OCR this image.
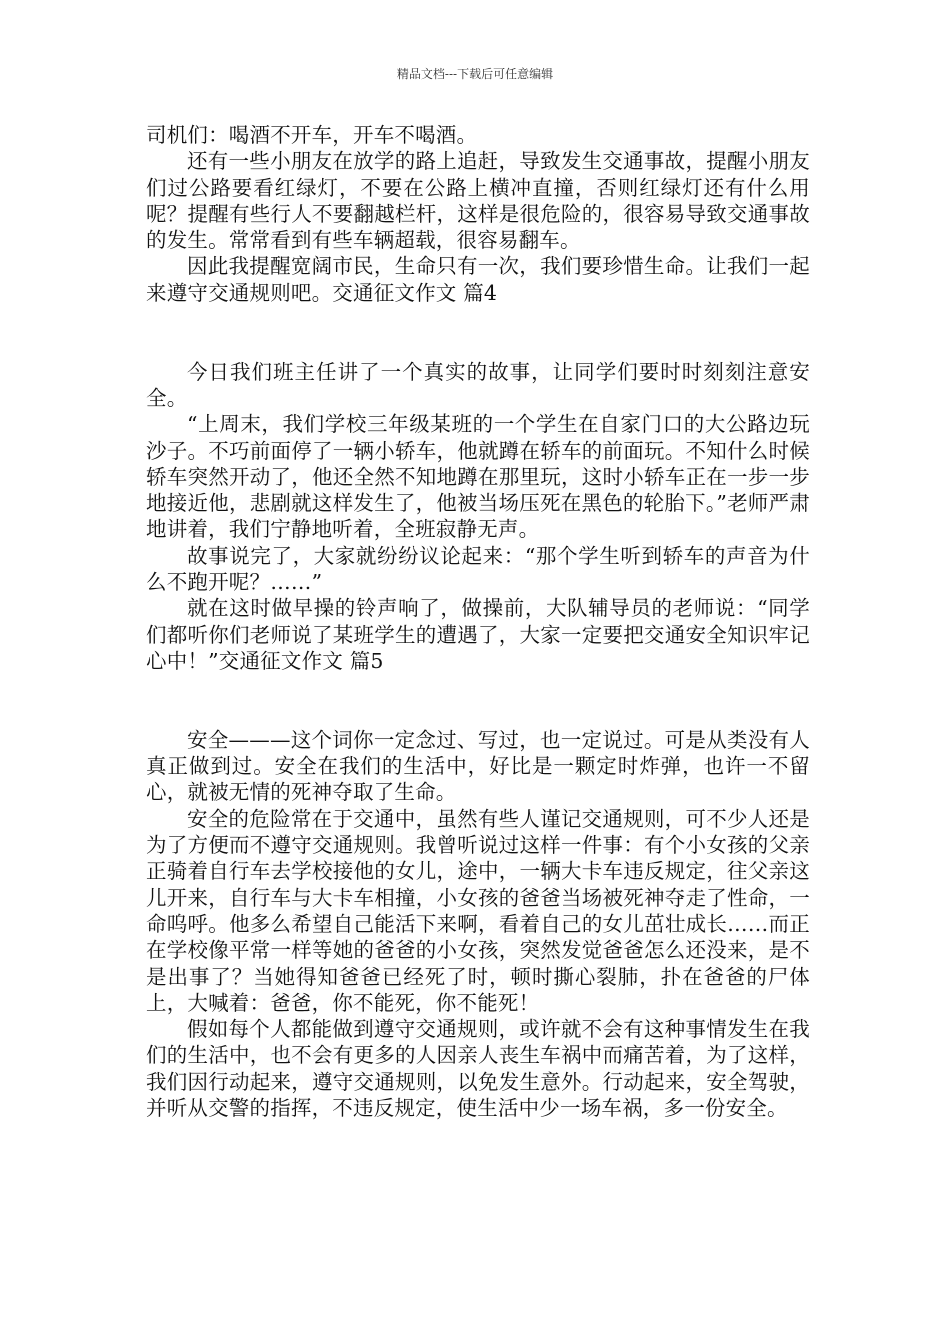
精品文档---下载后可任意编辑

司机们：喝酒不开车，开车不喝酒。

还有一些小朋友在放学的路上追赶，导致发生交通事故，提醒小朋友们过公路要看红绿灯，不要在公路上横冲直撞，否则红绿灯还有什么用呢？提醒有些行人不要翻越栏杆，这样是很危险的，很容易导致交通事故的发生。常常看到有些车辆超载，很容易翻车。

因此我提醒宽阔市民，生命只有一次，我们要珍惜生命。让我们一起来遵守交通规则吧。交通征文作文 篇4

今日我们班主任讲了一个真实的故事，让同学们要时时刻刻注意安全。

“上周末，我们学校三年级某班的一个学生在自家门口的大公路边玩沙子。不巧前面停了一辆小轿车，他就蹲在轿车的前面玩。不知什么时候轿车突然开动了，他还全然不知地蹲在那里玩，这时小轿车正在一步一步地接近他，悲剧就这样发生了，他被当场压死在黑色的轮胎下。”老师严肃地讲着，我们宁静地听着，全班寂静无声。

故事说完了，大家就纷纷议论起来：“那个学生听到轿车的声音为什么不跑开呢？……”

就在这时做早操的铃声响了，做操前，大队辅导员的老师说：“同学们都听你们老师说了某班学生的遭遇了，大家一定要把交通安全知识牢记心中！”交通征文作文 篇5

安全———这个词你一定念过、写过，也一定说过。可是从类没有人真正做到过。安全在我们的生活中，好比是一颗定时炸弹，也许一不留心，就被无情的死神夺取了生命。

安全的危险常在于交通中，虽然有些人谨记交通规则，可不少人还是为了方便而不遵守交通规则。我曾听说过这样一件事：有个小女孩的父亲正骑着自行车去学校接他的女儿，途中，一辆大卡车违反规定，往父亲这儿开来，自行车与大卡车相撞，小女孩的爸爸当场被死神夺走了性命，一命呜呼。他多么希望自己能活下来啊，看着自己的女儿茁壮成长……而正在学校像平常一样等她的爸爸的小女孩，突然发觉爸爸怎么还没来，是不是出事了？当她得知爸爸已经死了时，顿时撕心裂肺，扑在爸爸的尸体上，大喊着：爸爸，你不能死，你不能死！

假如每个人都能做到遵守交通规则，或许就不会有这种事情发生在我们的生活中，也不会有更多的人因亲人丧生车祸中而痛苦着，为了这样，我们因行动起来，遵守交通规则，以免发生意外。行动起来，安全驾驶，并听从交警的指挥，不违反规定，使生活中少一场车祸，多一份安全。
